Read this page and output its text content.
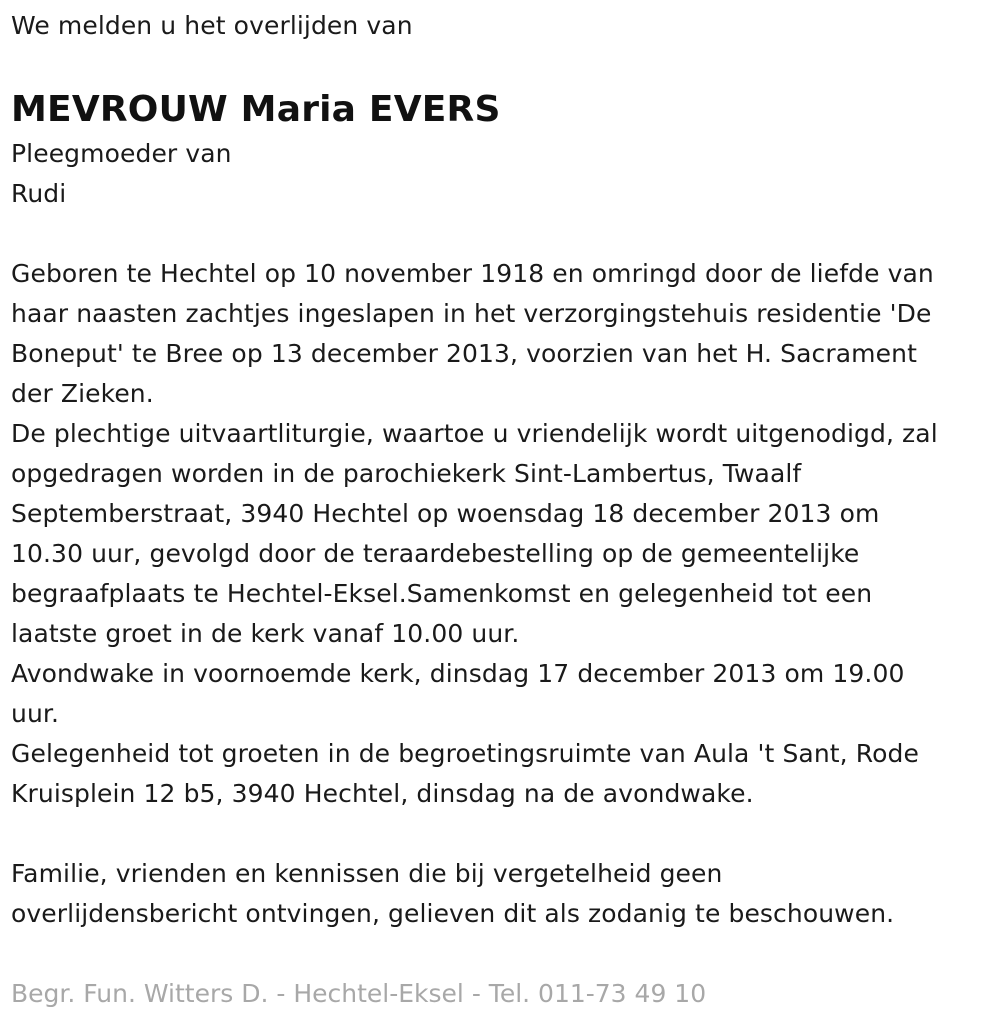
We melden u het overlijden van
MEVROUW Maria EVERS
Pleegmoeder van
Rudi
Geboren te Hechtel op 10 november 1918 en omringd door de liefde van
haar naasten zachtjes ingeslapen in het verzorgingstehuis residentie 'De
Boneput' te Bree op 13 december 2013, voorzien van het H. Sacrament
der Zieken.
De plechtige uitvaartliturgie, waartoe u vriendelijk wordt uitgenodigd, zal
opgedragen worden in de parochiekerk Sint-Lambertus, Twaalf
Septemberstraat, 3940 Hechtel op woensdag 18 december 2013 om
10.30 uur, gevolgd door de teraardebestelling op de gemeentelijke
begraafplaats te Hechtel-Eksel.Samenkomst en gelegenheid tot een
laatste groet in de kerk vanaf 10.00 uur.
Avondwake in voornoemde kerk, dinsdag 17 december 2013 om 19.00
uur.
Gelegenheid tot groeten in de begroetingsruimte van Aula 't Sant, Rode
Kruisplein 12 b5, 3940 Hechtel, dinsdag na de avondwake.
Familie, vrienden en kennissen die bij vergetelheid geen
overlijdensbericht ontvingen, gelieven dit als zodanig te beschouwen.
Begr. Fun. Witters D. - Hechtel-Eksel - Tel. 011-73 49 10
